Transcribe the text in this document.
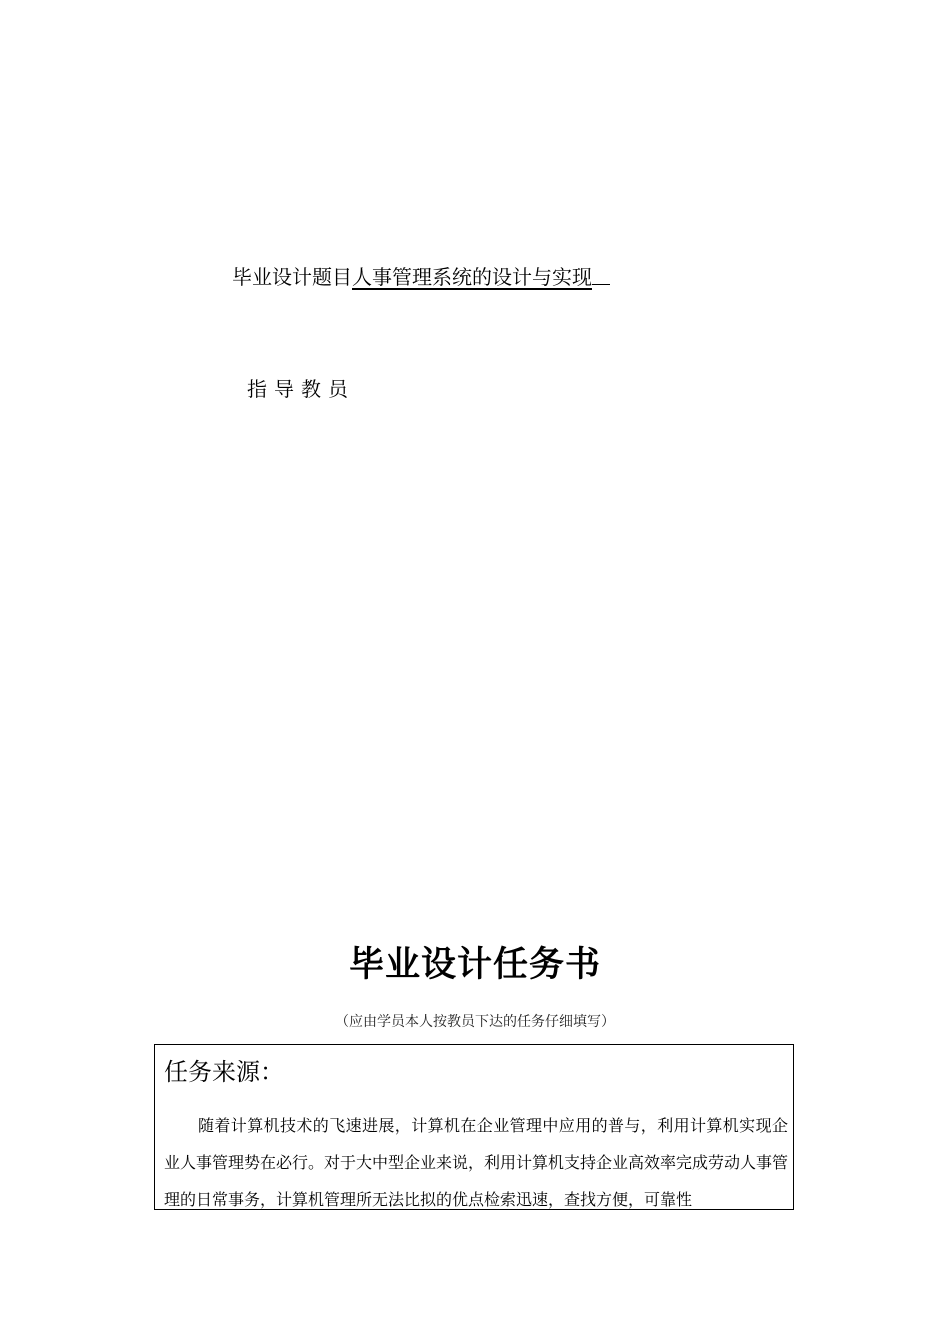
毕业设计题目人事管理系统的设计与实现
指导教员
毕业设计任务书
（应由学员本人按教员下达的任务仔细填写）
任务来源：

随着计算机技术的飞速进展，计算机在企业管理中应用的普与，利用计算机实现企业人事管理势在必行。对于大中型企业来说，利用计算机支持企业高效率完成劳动人事管理的日常事务，计算机管理所无法比拟的优点检索迅速，查找方便，可靠性
